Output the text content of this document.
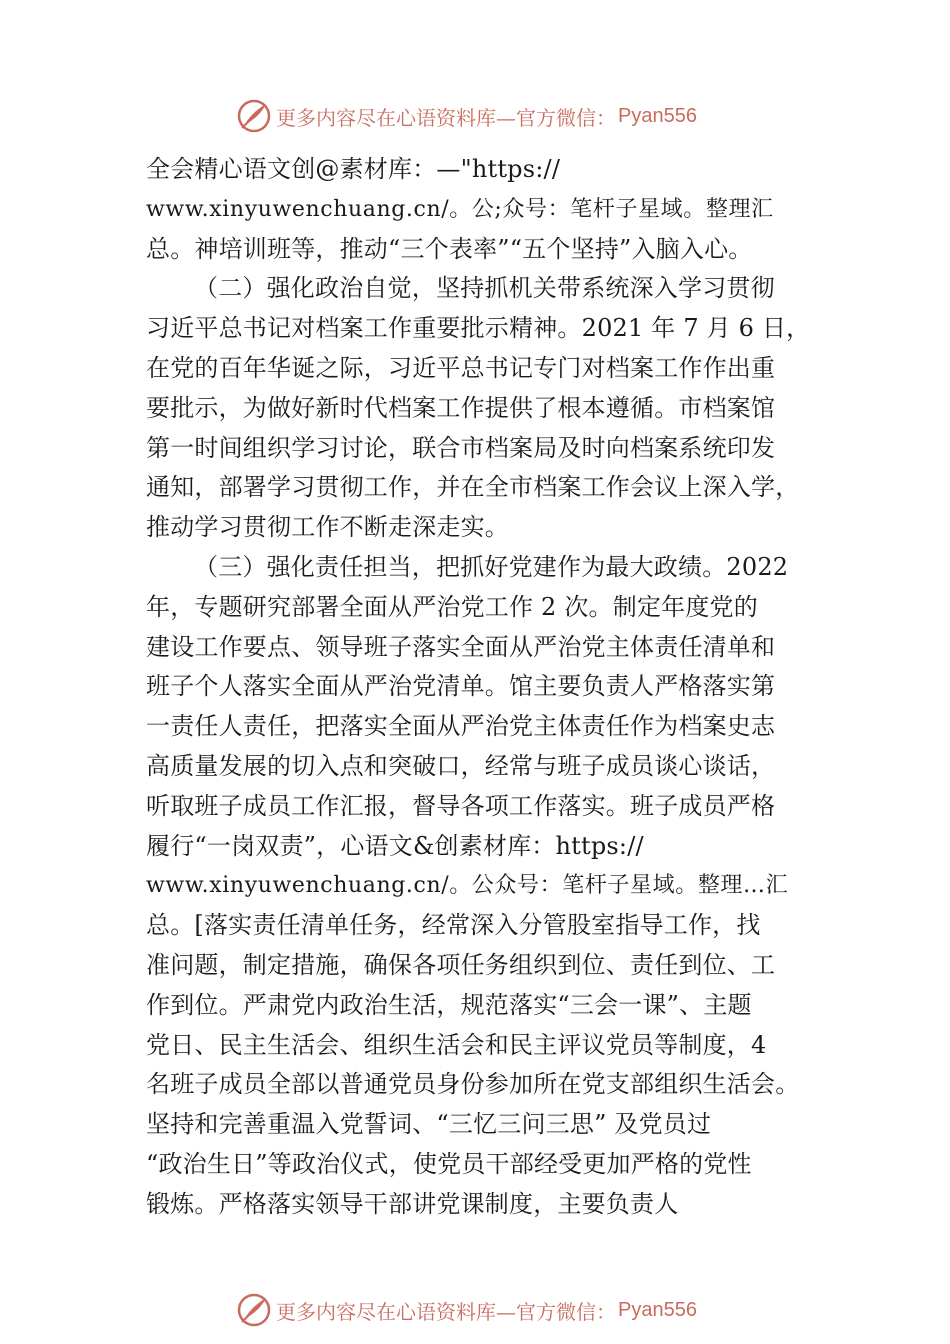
更多内容尽在心语资料库—官方微信： Pyan556
全会精心语文创@素材库：—"https://
www.xinyuwenchuang.cn/。公;众号：笔杆子星域。整理汇
总。神培训班等，推动“三个表率”“五个坚持”入脑入心。
（二）强化政治自觉，坚持抓机关带系统深入学习贯彻
习近平总书记对档案工作重要批示精神。2021 年 7 月 6 日，
在党的百年华诞之际，习近平总书记专门对档案工作作出重
要批示，为做好新时代档案工作提供了根本遵循。市档案馆
第一时间组织学习讨论，联合市档案局及时向档案系统印发
通知，部署学习贯彻工作，并在全市档案工作会议上深入学，
推动学习贯彻工作不断走深走实。
（三）强化责任担当，把抓好党建作为最大政绩。2022
年，专题研究部署全面从严治党工作 2 次。制定年度党的
建设工作要点、领导班子落实全面从严治党主体责任清单和
班子个人落实全面从严治党清单。馆主要负责人严格落实第
一责任人责任，把落实全面从严治党主体责任作为档案史志
高质量发展的切入点和突破口，经常与班子成员谈心谈话，
听取班子成员工作汇报，督导各项工作落实。班子成员严格
履行“一岗双责”，心语文&创素材库：https://
www.xinyuwenchuang.cn/。公众号：笔杆子星域。整理…汇
总。[落实责任清单任务，经常深入分管股室指导工作，找
准问题，制定措施，确保各项任务组织到位、责任到位、工
作到位。严肃党内政治生活，规范落实“三会一课”、主题
党日、民主生活会、组织生活会和民主评议党员等制度，4
名班子成员全部以普通党员身份参加所在党支部组织生活会。
坚持和完善重温入党誓词、“三忆三问三思” 及党员过
“政治生日”等政治仪式，使党员干部经受更加严格的党性
锻炼。严格落实领导干部讲党课制度，主要负责人
更多内容尽在心语资料库—官方微信： Pyan556
